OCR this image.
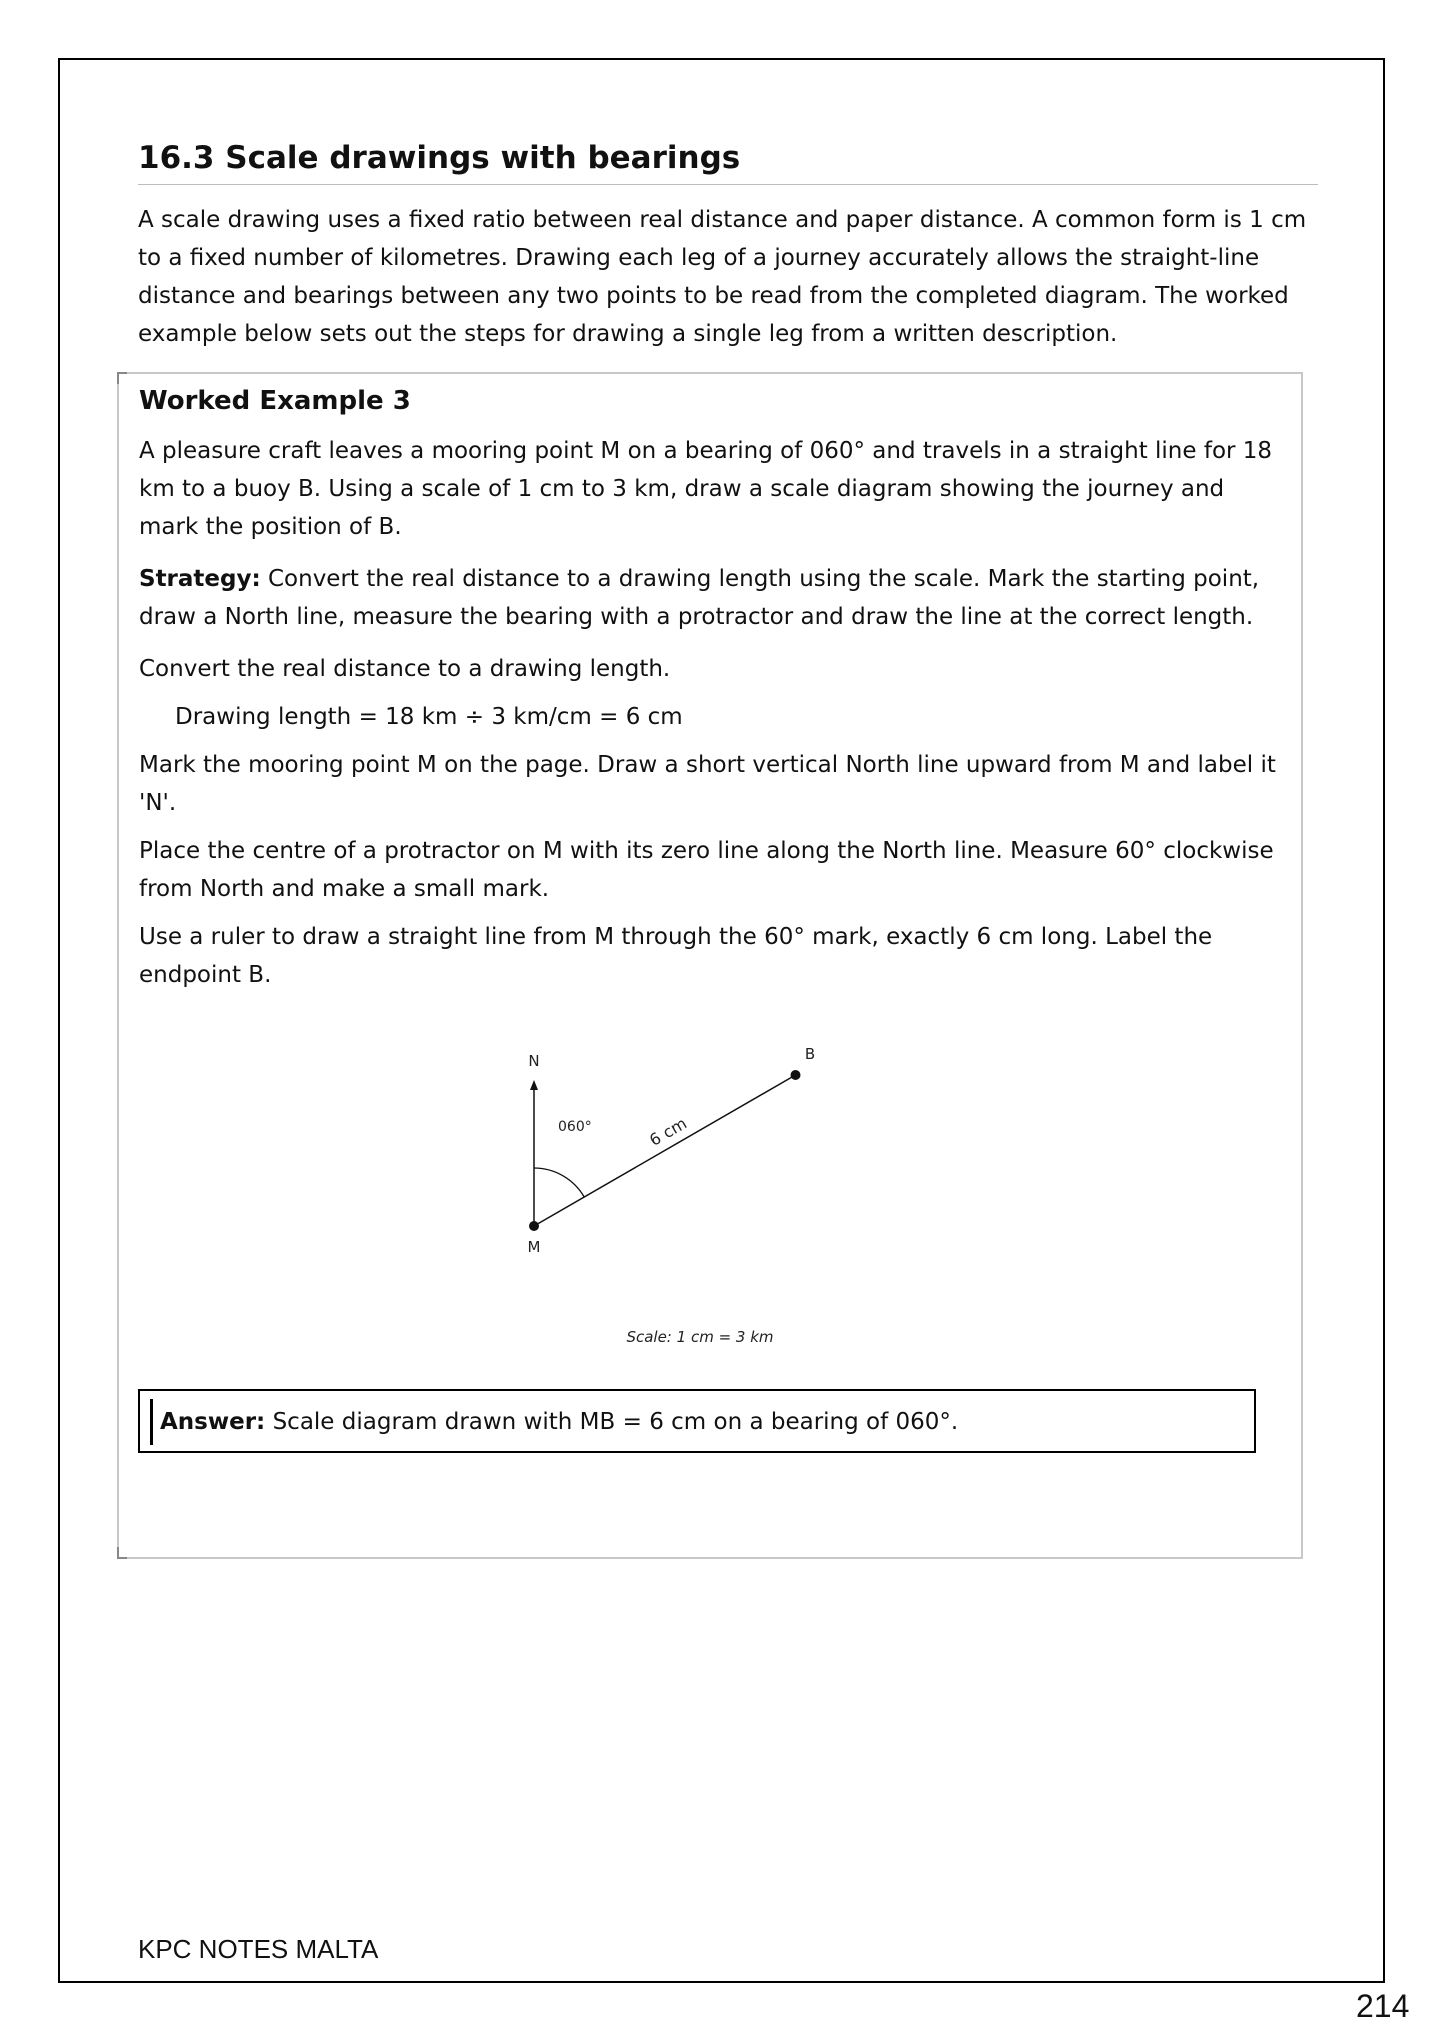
16.3 Scale drawings with bearings

A scale drawing uses a fixed ratio between real distance and paper distance. A common form is 1 cm to a fixed number of kilometres. Drawing each leg of a journey accurately allows the straight-line distance and bearings between any two points to be read from the completed diagram. The worked example below sets out the steps for drawing a single leg from a written description.

Worked Example 3

A pleasure craft leaves a mooring point M on a bearing of 060° and travels in a straight line for 18 km to a buoy B. Using a scale of 1 cm to 3 km, draw a scale diagram showing the journey and mark the position of B.

Strategy: Convert the real distance to a drawing length using the scale. Mark the starting point, draw a North line, measure the bearing with a protractor and draw the line at the correct length.

Convert the real distance to a drawing length.

Drawing length = 18 km ÷ 3 km/cm = 6 cm

Mark the mooring point M on the page. Draw a short vertical North line upward from M and label it 'N'.

Place the centre of a protractor on M with its zero line along the North line. Measure 60° clockwise from North and make a small mark.

Use a ruler to draw a straight line from M through the 60° mark, exactly 6 cm long. Label the endpoint B.

N
060°	6 cm
M
B
Scale: 1 cm = 3 km
Answer: Scale diagram drawn with MB = 6 cm on a bearing of 060°.
KPC NOTES MALTA
214
